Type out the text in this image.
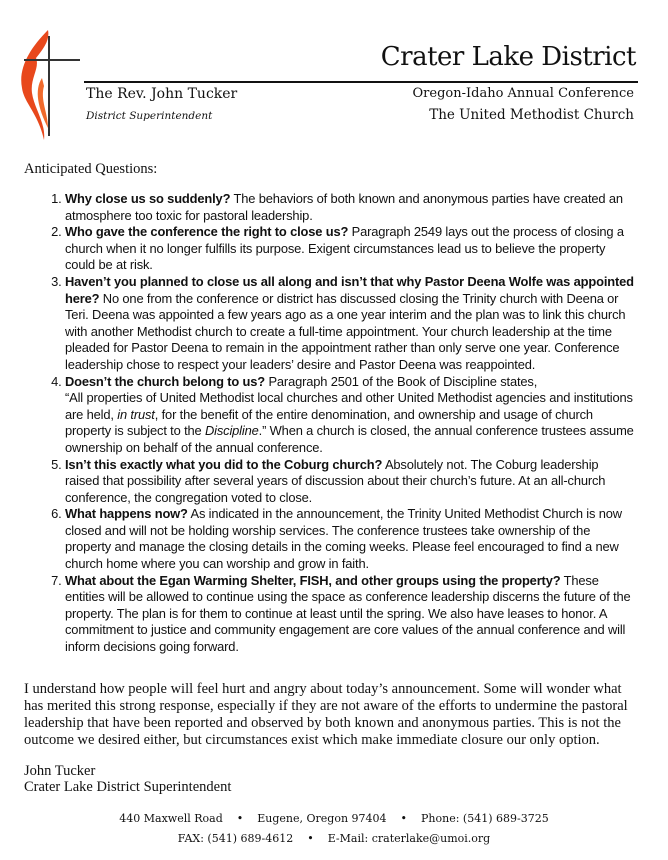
Crater Lake District
The Rev. John Tucker
District Superintendent
Oregon-Idaho Annual Conference
The United Methodist Church
Anticipated Questions:
1. Why close us so suddenly? The behaviors of both known and anonymous parties have created an atmosphere too toxic for pastoral leadership.
2. Who gave the conference the right to close us? Paragraph 2549 lays out the process of closing a church when it no longer fulfills its purpose. Exigent circumstances lead us to believe the property could be at risk.
3. Haven’t you planned to close us all along and isn’t that why Pastor Deena Wolfe was appointed here? No one from the conference or district has discussed closing the Trinity church with Deena or Teri. Deena was appointed a few years ago as a one year interim and the plan was to link this church with another Methodist church to create a full-time appointment. Your church leadership at the time pleaded for Pastor Deena to remain in the appointment rather than only serve one year. Conference leadership chose to respect your leaders’ desire and Pastor Deena was reappointed.
4. Doesn’t the church belong to us? Paragraph 2501 of the Book of Discipline states,
“All properties of United Methodist local churches and other United Methodist agencies and institutions are held, in trust, for the benefit of the entire denomination, and ownership and usage of church property is subject to the Discipline.” When a church is closed, the annual conference trustees assume ownership on behalf of the annual conference.
5. Isn’t this exactly what you did to the Coburg church? Absolutely not. The Coburg leadership raised that possibility after several years of discussion about their church’s future. At an all-church conference, the congregation voted to close.
6. What happens now? As indicated in the announcement, the Trinity United Methodist Church is now closed and will not be holding worship services. The conference trustees take ownership of the property and manage the closing details in the coming weeks. Please feel encouraged to find a new church home where you can worship and grow in faith.
7. What about the Egan Warming Shelter, FISH, and other groups using the property? These entities will be allowed to continue using the space as conference leadership discerns the future of the property. The plan is for them to continue at least until the spring. We also have leases to honor. A commitment to justice and community engagement are core values of the annual conference and will inform decisions going forward.
I understand how people will feel hurt and angry about today’s announcement. Some will wonder what has merited this strong response, especially if they are not aware of the efforts to undermine the pastoral leadership that have been reported and observed by both known and anonymous parties. This is not the outcome we desired either, but circumstances exist which make immediate closure our only option.
John Tucker
Crater Lake District Superintendent
440 Maxwell Road • Eugene, Oregon 97404 • Phone: (541) 689-3725
FAX: (541) 689-4612 • E-Mail: craterlake@umoi.org
